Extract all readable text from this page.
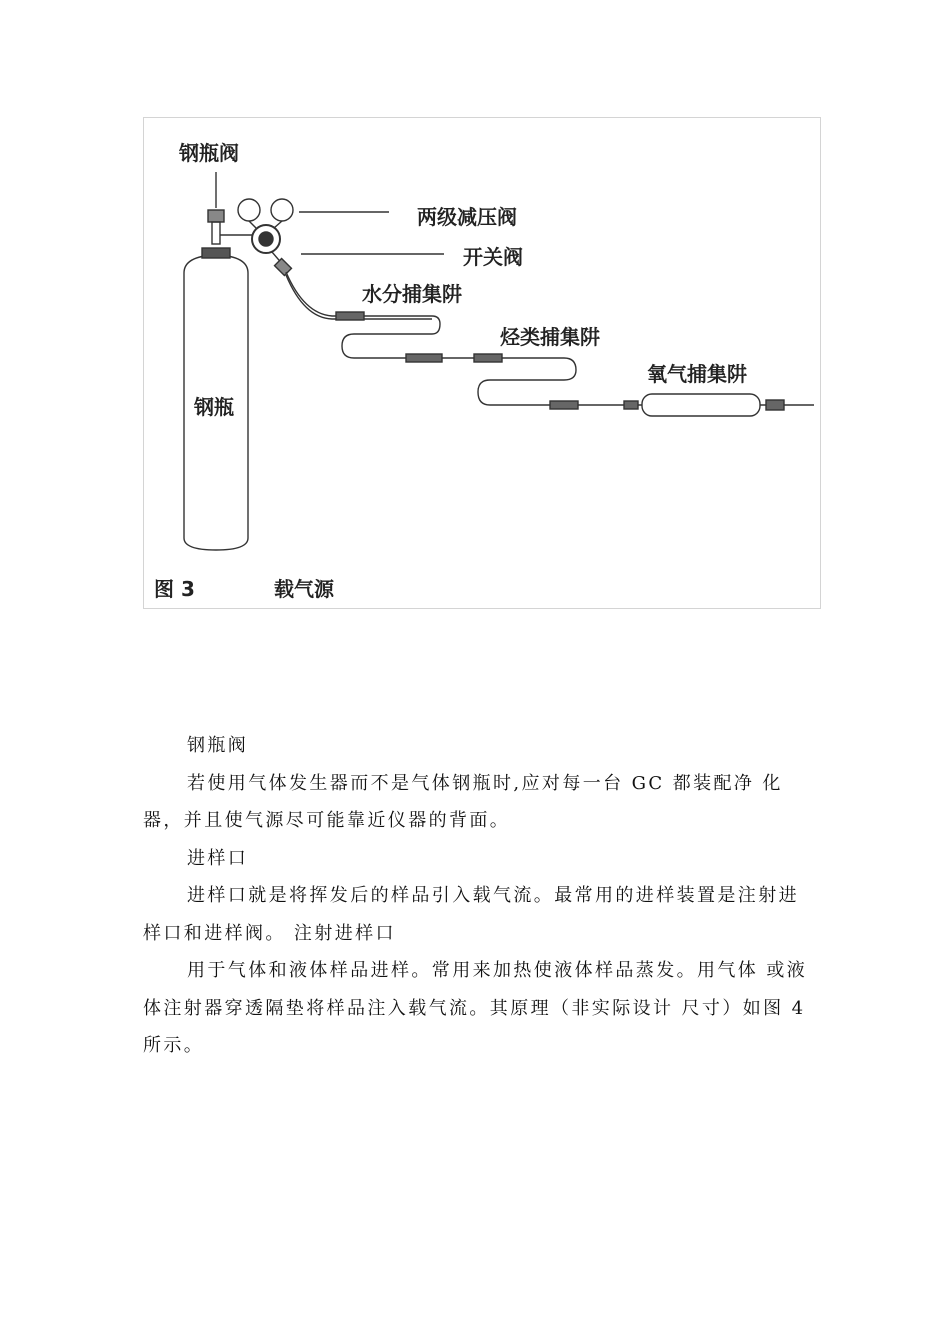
钢瓶阀
两级减压阀
开关阀
水分捕集阱
烃类捕集阱
氧气捕集阱
钢瓶
图 3	载气源

钢瓶阀

若使用气体发生器而不是气体钢瓶时,应对每一台 GC 都装配净 化器，并且使气源尽可能靠近仪器的背面。

进样口

进样口就是将挥发后的样品引入载气流。最常用的进样装置是注射进样口和进样阀。 注射进样口

用于气体和液体样品进样。常用来加热使液体样品蒸发。用气体 或液体注射器穿透隔垫将样品注入载气流。其原理（非实际设计 尺寸）如图 4 所示。
